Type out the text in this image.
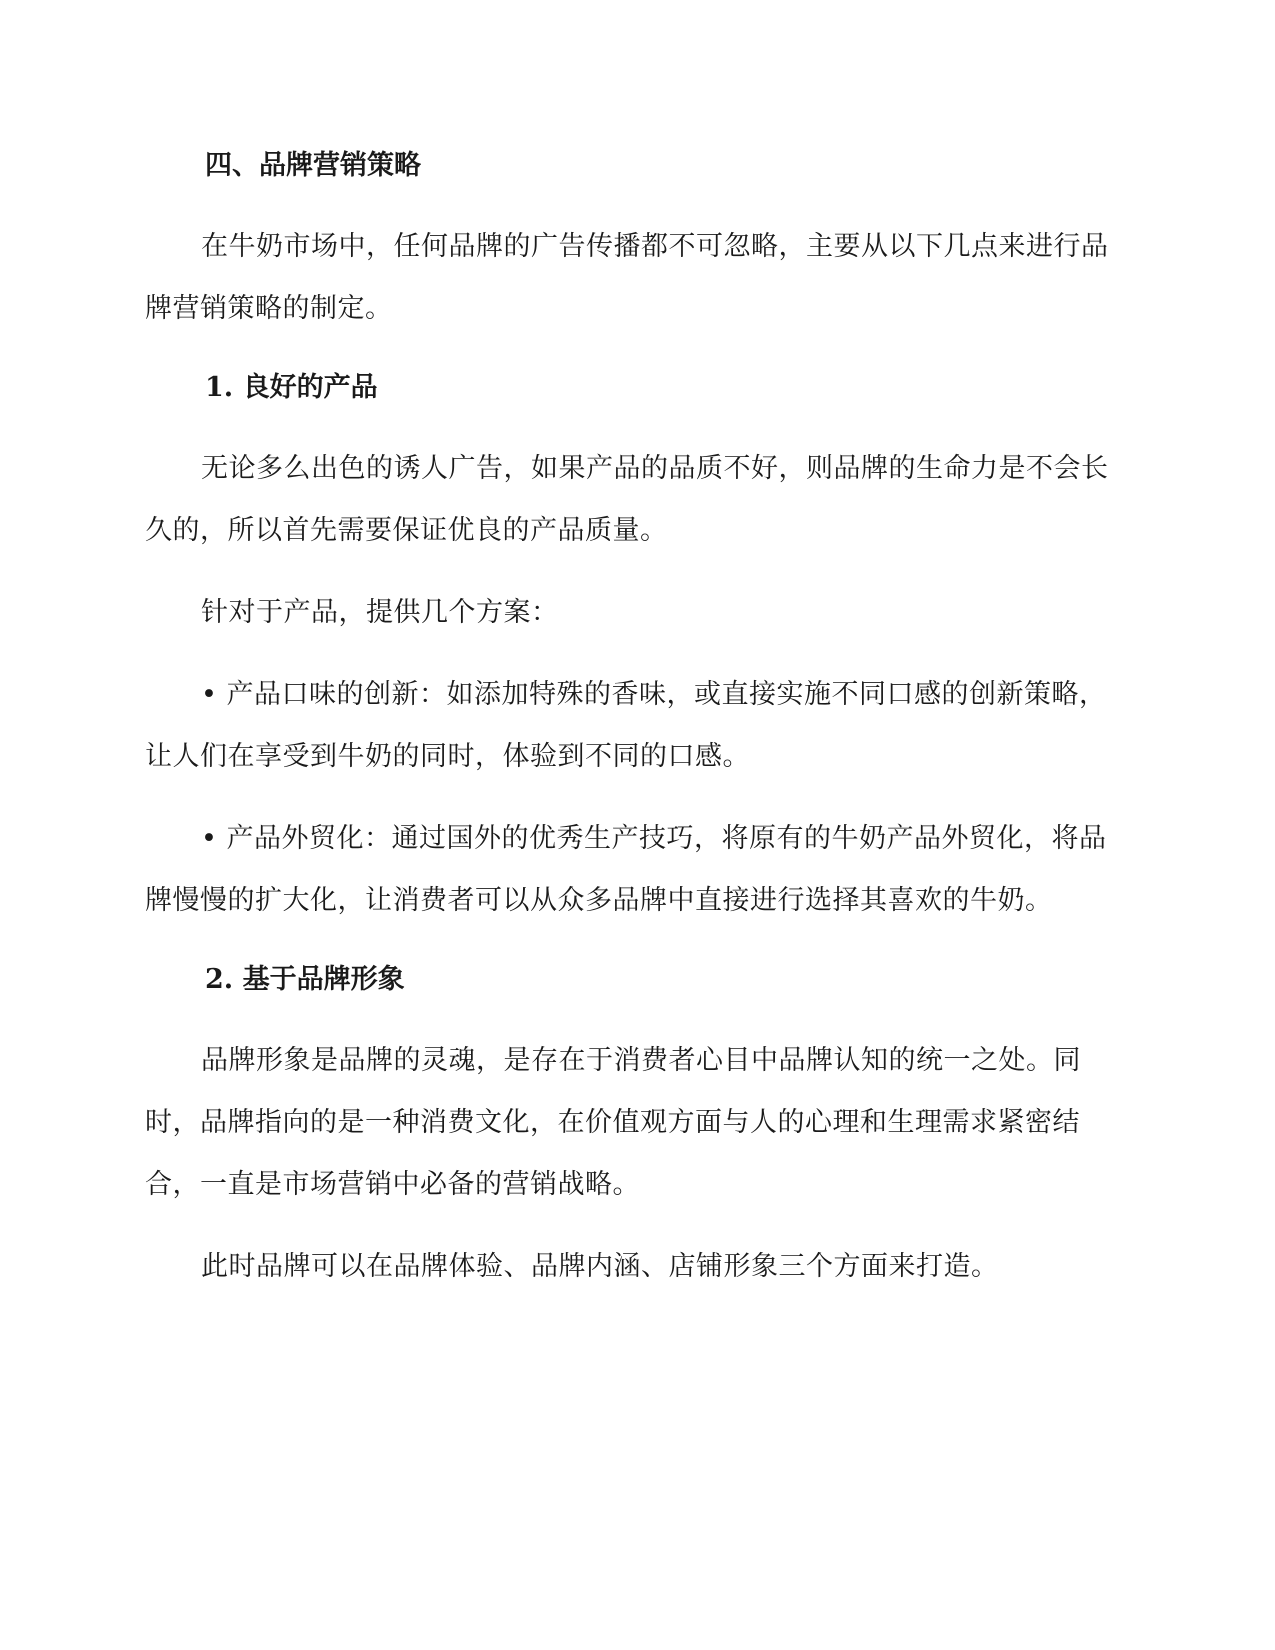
四、品牌营销策略

在牛奶市场中，任何品牌的广告传播都不可忽略，主要从以下几点来进行品牌营销策略的制定。

1. 良好的产品

无论多么出色的诱人广告，如果产品的品质不好，则品牌的生命力是不会长久的，所以首先需要保证优良的产品质量。

针对于产品，提供几个方案：

• 产品口味的创新：如添加特殊的香味，或直接实施不同口感的创新策略，让人们在享受到牛奶的同时，体验到不同的口感。

• 产品外贸化：通过国外的优秀生产技巧，将原有的牛奶产品外贸化，将品牌慢慢的扩大化，让消费者可以从众多品牌中直接进行选择其喜欢的牛奶。

2. 基于品牌形象

品牌形象是品牌的灵魂，是存在于消费者心目中品牌认知的统一之处。同时，品牌指向的是一种消费文化，在价值观方面与人的心理和生理需求紧密结合，一直是市场营销中必备的营销战略。

此时品牌可以在品牌体验、品牌内涵、店铺形象三个方面来打造。
